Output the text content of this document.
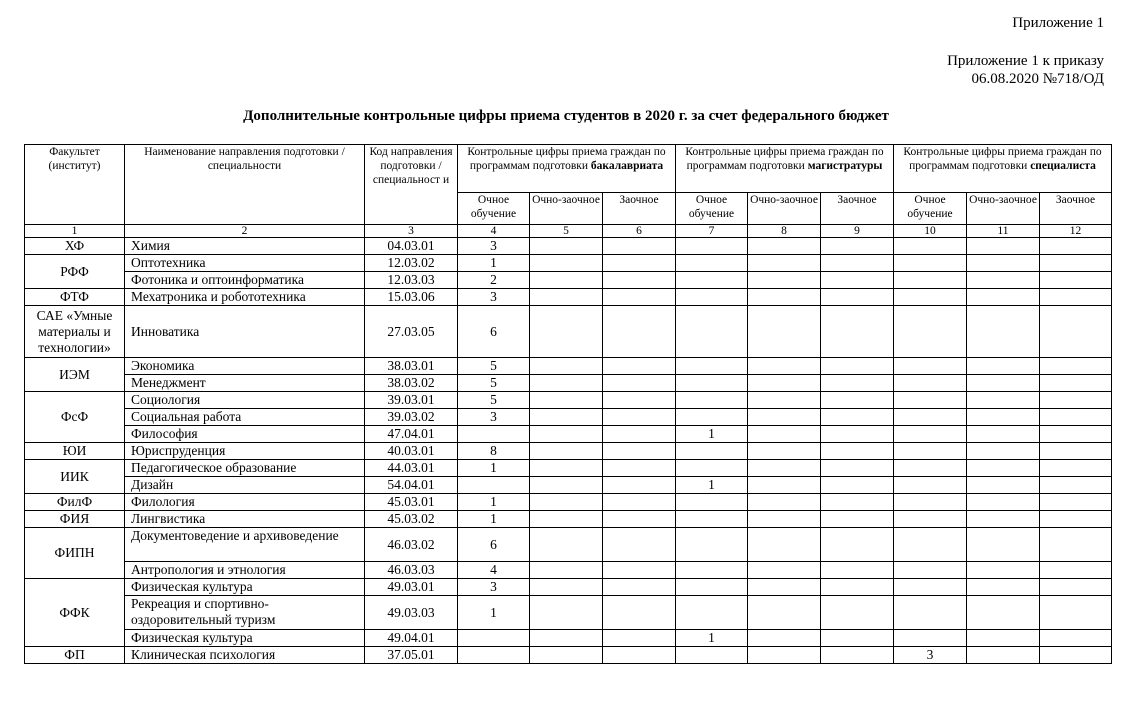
Приложение 1
Приложение 1 к приказу
06.08.2020 №718/ОД
Дополнительные контрольные цифры приема студентов в 2020 г. за счет федерального бюджет
Факультет (институт)	Наименование направления подготовки / специальности	Код направления подготовки / специальност и	Контрольные цифры приема граждан по программам подготовки бакалавриата			Контрольные цифры приема граждан по программам подготовки магистратуры			Контрольные цифры приема граждан по программам подготовки специалиста		
			Очное обучение	Очно-заочное	Заочное	Очное обучение	Очно-заочное	Заочное	Очное обучение	Очно-заочное	Заочное
1	2	3	4	5	6	7	8	9	10	11	12
ХФ	Химия	04.03.01	3								
РФФ	Оптотехника	12.03.02	1								
	Фотоника и оптоинформатика	12.03.03	2								
ФТФ	Мехатроника и робототехника	15.03.06	3								
САЕ «Умные материалы и технологии»	Инноватика	27.03.05	6								
ИЭМ	Экономика	38.03.01	5								
	Менеджмент	38.03.02	5								
ФсФ	Социология	39.03.01	5								
	Социальная работа	39.03.02	3								
	Философия	47.04.01				1					
ЮИ	Юриспруденция	40.03.01	8								
ИИК	Педагогическое образование	44.03.01	1								
	Дизайн	54.04.01				1					
ФилФ	Филология	45.03.01	1								
ФИЯ	Лингвистика	45.03.02	1								
ФИПН	Документоведение и архивоведение	46.03.02	6								
	Антропология и этнология	46.03.03	4								
ФФК	Физическая культура	49.03.01	3								
	Рекреация и спортивно-оздоровительный туризм	49.03.03	1								
	Физическая культура	49.04.01				1					
ФП	Клиническая психология	37.05.01							3		
